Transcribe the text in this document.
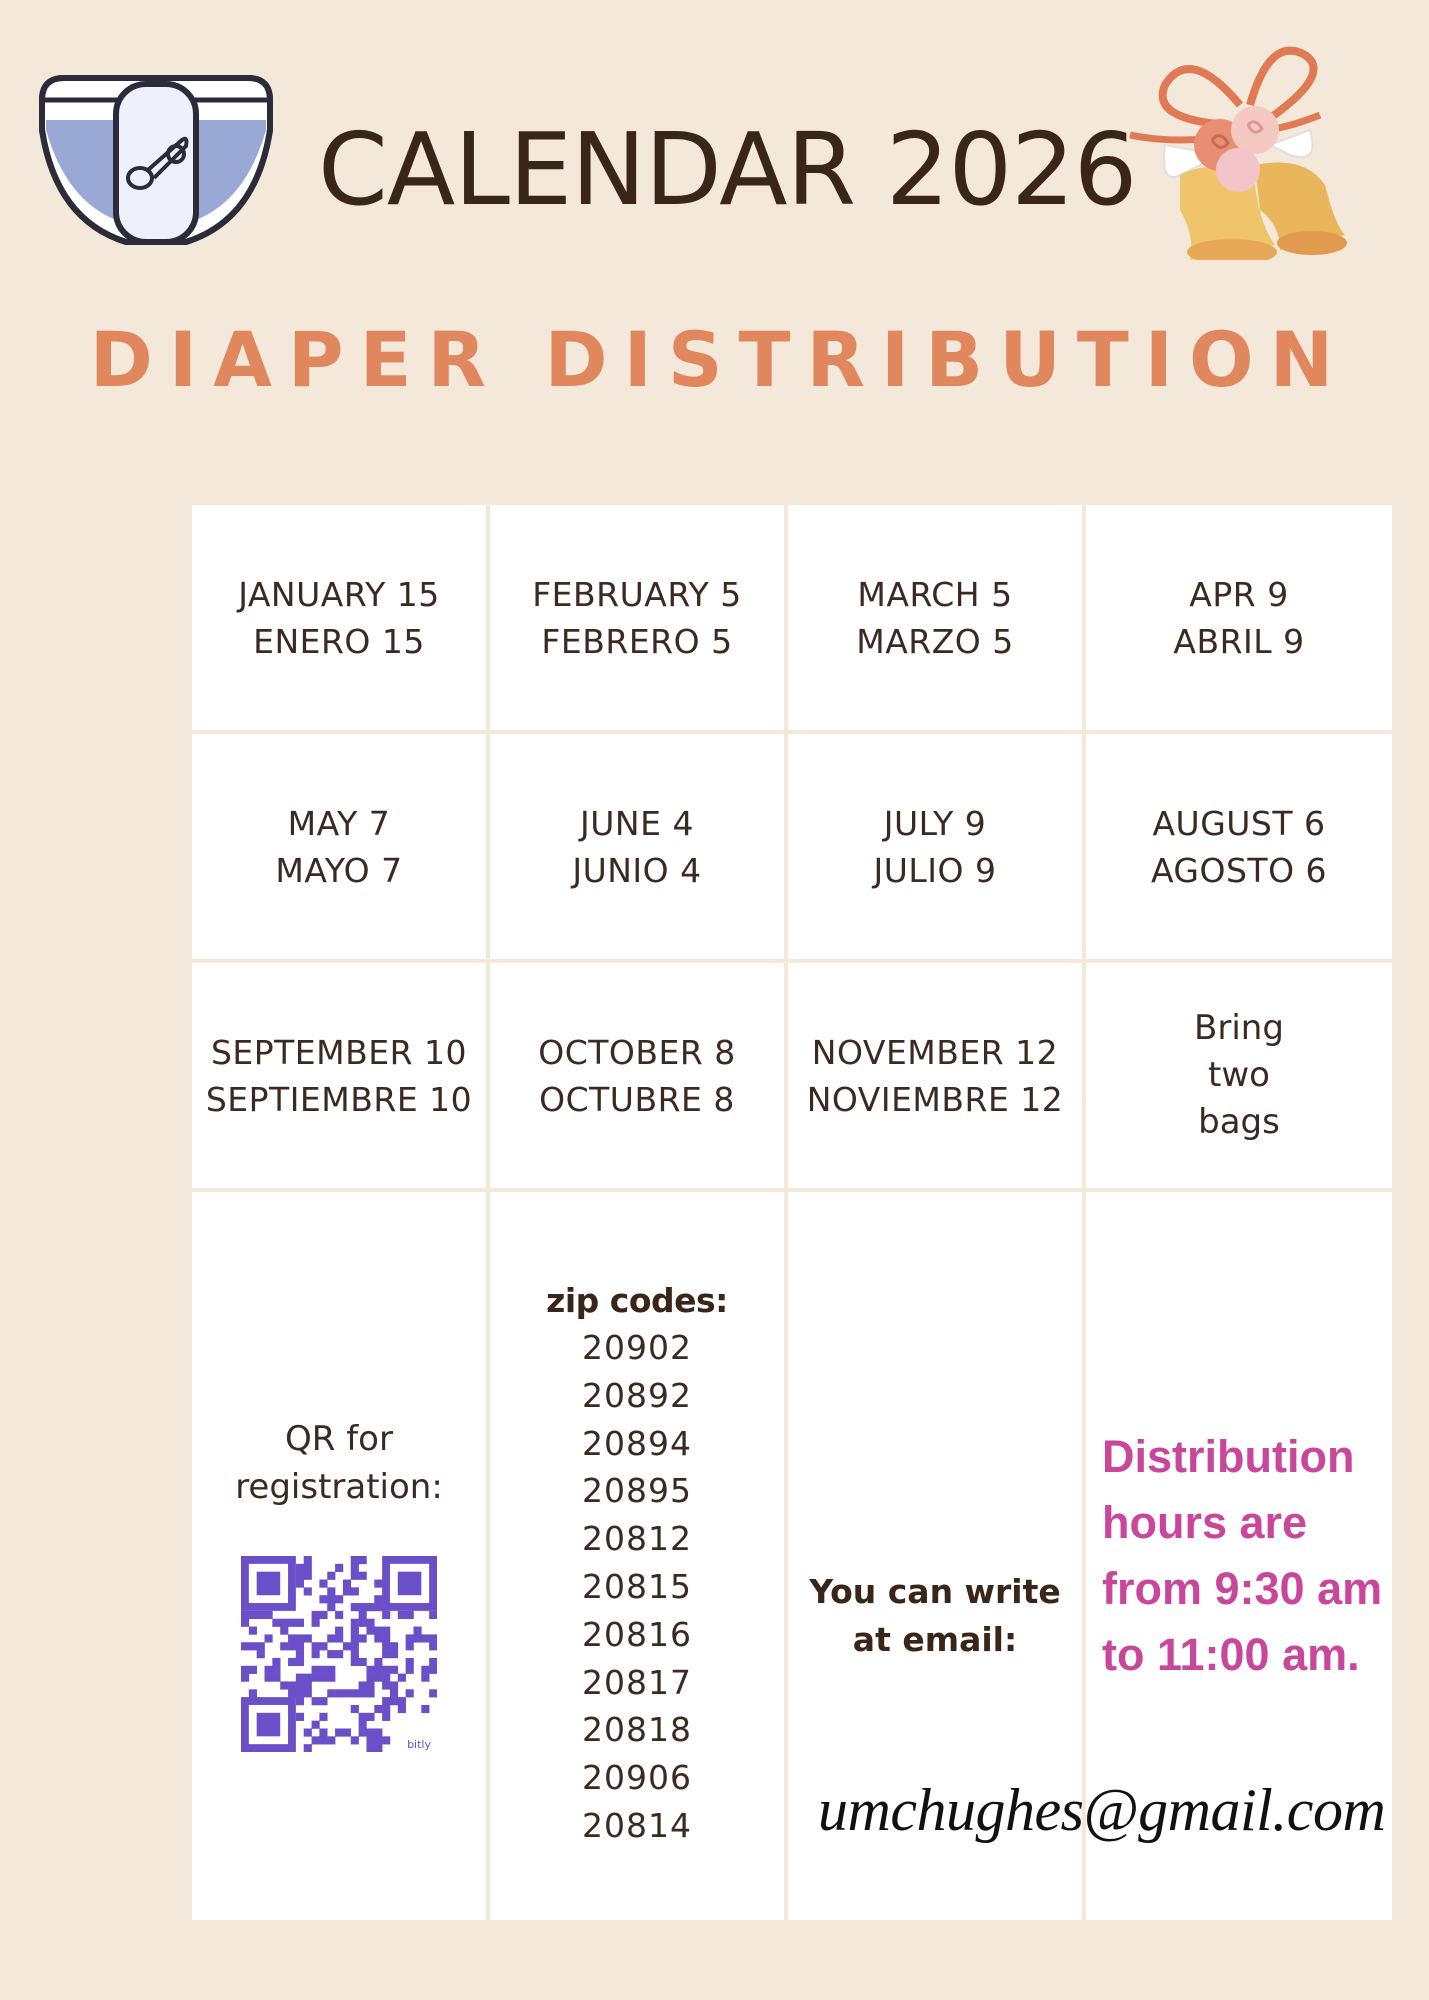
CALENDAR 2026
DIAPER DISTRIBUTION
JANUARY 15
ENERO 15
FEBRUARY 5
FEBRERO 5
MARCH 5
MARZO 5
APR 9
ABRIL 9
MAY 7
MAYO 7
JUNE 4
JUNIO 4
JULY 9
JULIO 9
AUGUST 6
AGOSTO 6
SEPTEMBER 10
SEPTIEMBRE 10
OCTOBER 8
OCTUBRE 8
NOVEMBER 12
NOVIEMBRE 12
Bring
two
bags
QR for
registration:
bitly
zip codes:
20902
20892
20894
20895
20812
20815
20816
20817
20818
20906
20814
You can write
at email:
Distribution hours are from 9:30 am to 11:00 am.
umchughes@gmail.com
